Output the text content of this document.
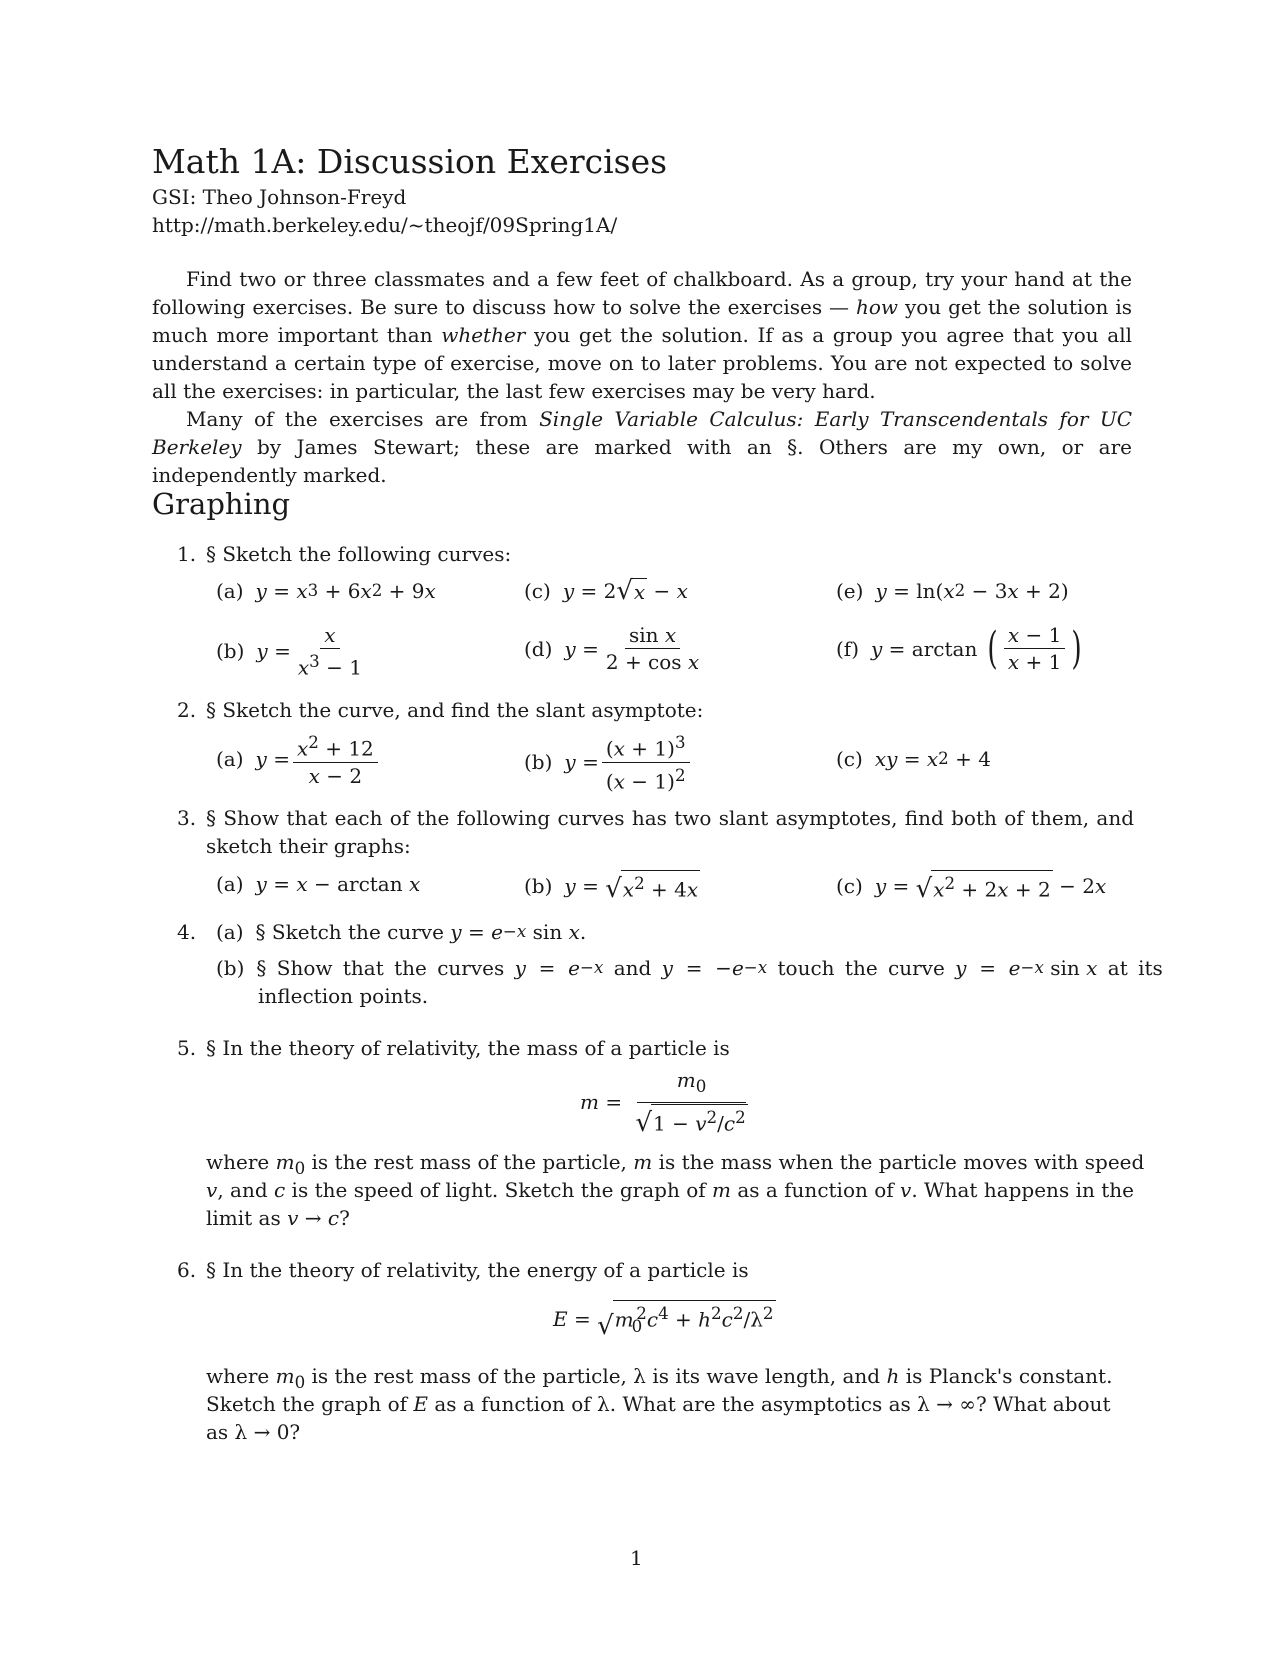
Math 1A: Discussion Exercises
GSI: Theo Johnson-Freyd
http://math.berkeley.edu/~theojf/09Spring1A/

Find two or three classmates and a few feet of chalkboard. As a group, try your hand at the following exercises. Be sure to discuss how to solve the exercises — how you get the solution is much more important than whether you get the solution. If as a group you agree that you all understand a certain type of exercise, move on to later problems. You are not expected to solve all the exercises: in particular, the last few exercises may be very hard.

Many of the exercises are from Single Variable Calculus: Early Transcendentals for UC Berkeley by James Stewart; these are marked with an §. Others are my own, or are independently marked.

Graphing
1. § Sketch the following curves:
(a) y = x 3 + 6 x 2 + 9 x	(c) y = 2 √ x − x	(e) y = ln( x 2 − 3 x + 2)
(b) $y = \frac{x}{x^3 - 1}$	(d) $y = \frac{\text{sin x}}{\text{2 + cos x}}$	(f) y = arctan ( $\frac{x - 1}{x + 1}$ )
2. § Sketch the curve, and find the slant asymptote:
(a) $y = \frac{x^2 + 12}{x - 2}$	(b) $y = \frac{(x + 1)^3}{(x - 1)^2}$	(c) xy = x 2 + 4
3. § Show that each of the following curves has two slant asymptotes, find both of them, and sketch their graphs:

(a) y = x − arctan x	(b) y = √ $x^2 + 4x$	(c) y = √ $x^2 + 2x + 2 - 2$ x
4. (a) § Sketch the curve y = e −x sin x .
(b) § Show that the curves y = e −x and y =  − e −x touch the curve y = e −x sin x at its
inflection points.
5. § In the theory of relativity, the mass of a particle is
$m = \frac{m_0}{√ 1 - v^2/c^2}$
where $m_0$ is the rest mass of the particle, m is the mass when the particle moves with speed
v, and c is the speed of light. Sketch the graph of m as a function of v. What happens in the
limit as v → c?
6. § In the theory of relativity, the energy of a particle is
E = √ $m_0^2c^4 + h^2c^2/\lambda^2$
where $m_0$ is the rest mass of the particle, λ is its wave length, and h is Planck's constant.
Sketch the graph of E as a function of λ. What are the asymptotics as λ → ∞? What about
as λ → 0?
1
